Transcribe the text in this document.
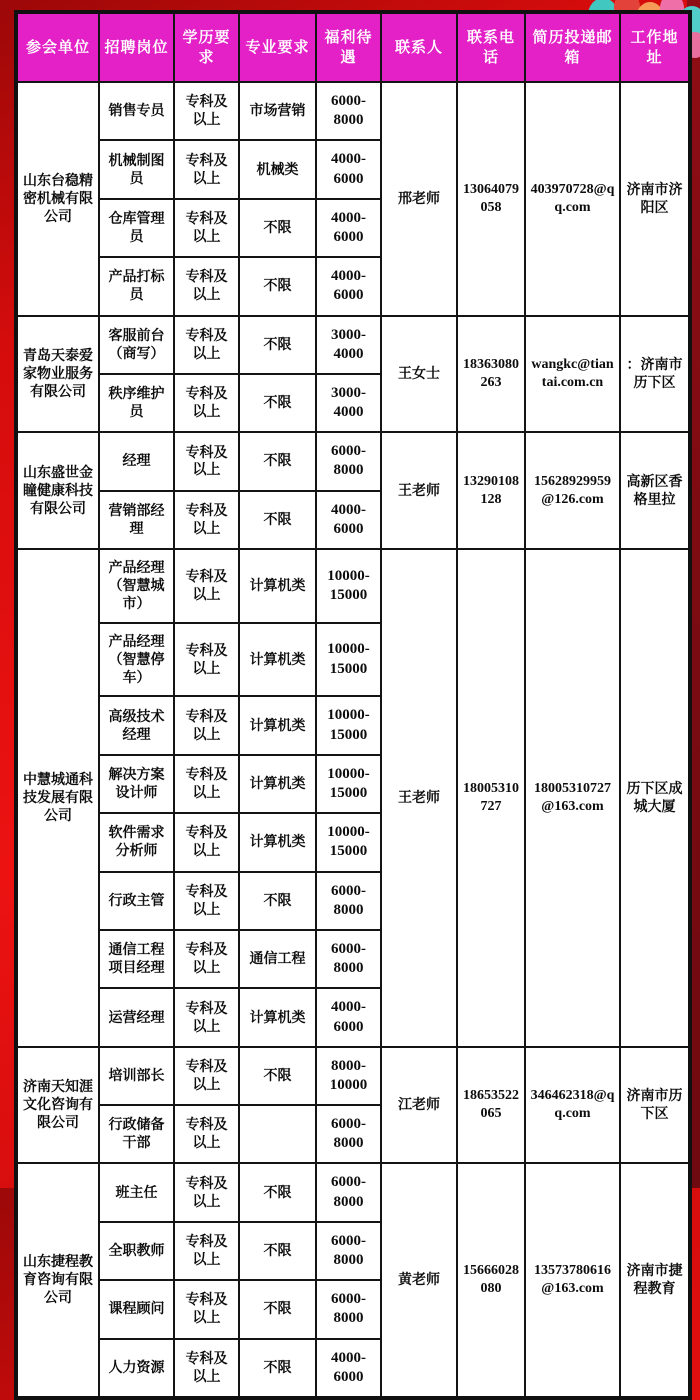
参会单位	招聘岗位	学历要求	专业要求	福利待遇	联系人	联系电话	简历投递邮箱	工作地址
山东台稳精密机械有限公司	销售专员	专科及以上	市场营销	6000-8000	邢老师	13064079058	403970728@qq.com	济南市济阳区
	机械制图员	专科及以上	机械类	4000-6000				
	仓库管理员	专科及以上	不限	4000-6000				
	产品打标员	专科及以上	不限	4000-6000				
青岛天泰爱家物业服务有限公司	客服前台（商写）	专科及以上	不限	3000-4000	王女士	18363080263	wangkc@tiantai.com.cn	：济南市历下区
	秩序维护员	专科及以上	不限	3000-4000				
山东盛世金瞳健康科技有限公司	经理	专科及以上	不限	6000-8000	王老师	13290108128	15628929959@126.com	高新区香格里拉
	营销部经理	专科及以上	不限	4000-6000				
中慧城通科技发展有限公司	产品经理（智慧城市）	专科及以上	计算机类	10000-15000	王老师	18005310727	18005310727@163.com	历下区成城大厦
	产品经理（智慧停车）	专科及以上	计算机类	10000-15000				
	高级技术经理	专科及以上	计算机类	10000-15000				
	解决方案设计师	专科及以上	计算机类	10000-15000				
	软件需求分析师	专科及以上	计算机类	10000-15000				
	行政主管	专科及以上	不限	6000-8000				
	通信工程项目经理	专科及以上	通信工程	6000-8000				
	运营经理	专科及以上	计算机类	4000-6000				
济南天知涯文化咨询有限公司	培训部长	专科及以上	不限	8000-10000	江老师	18653522065	346462318@qq.com	济南市历下区
	行政储备干部	专科及以上		6000-8000				
山东捷程教育咨询有限公司	班主任	专科及以上	不限	6000-8000	黄老师	15666028080	13573780616@163.com	济南市捷程教育
	全职教师	专科及以上	不限	6000-8000				
	课程顾问	专科及以上	不限	6000-8000				
	人力资源	专科及以上	不限	4000-6000				
